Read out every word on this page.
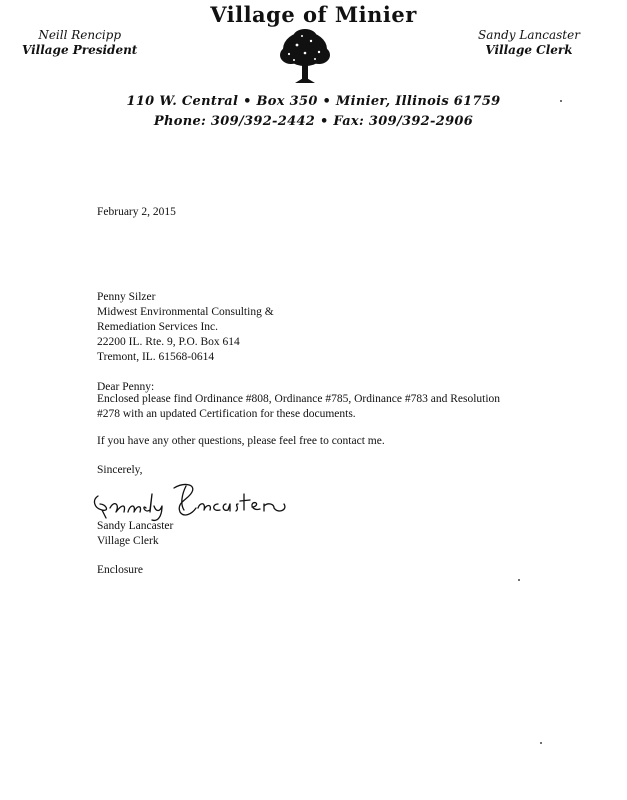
Village of Minier
Neill Rencipp
Village President
Sandy Lancaster
Village Clerk
110 W. Central • Box 350 • Minier, Illinois 61759
Phone: 309/392-2442 • Fax: 309/392-2906
February 2, 2015
Penny Silzer
Midwest Environmental Consulting &
Remediation Services Inc.
22200 IL. Rte. 9, P.O. Box 614
Tremont, IL. 61568-0614
Dear Penny:
Enclosed please find Ordinance #808, Ordinance #785, Ordinance #783 and Resolution
#278 with an updated Certification for these documents.
If you have any other questions, please feel free to contact me.
Sincerely,
Sandy Lancaster
Village Clerk
Enclosure
